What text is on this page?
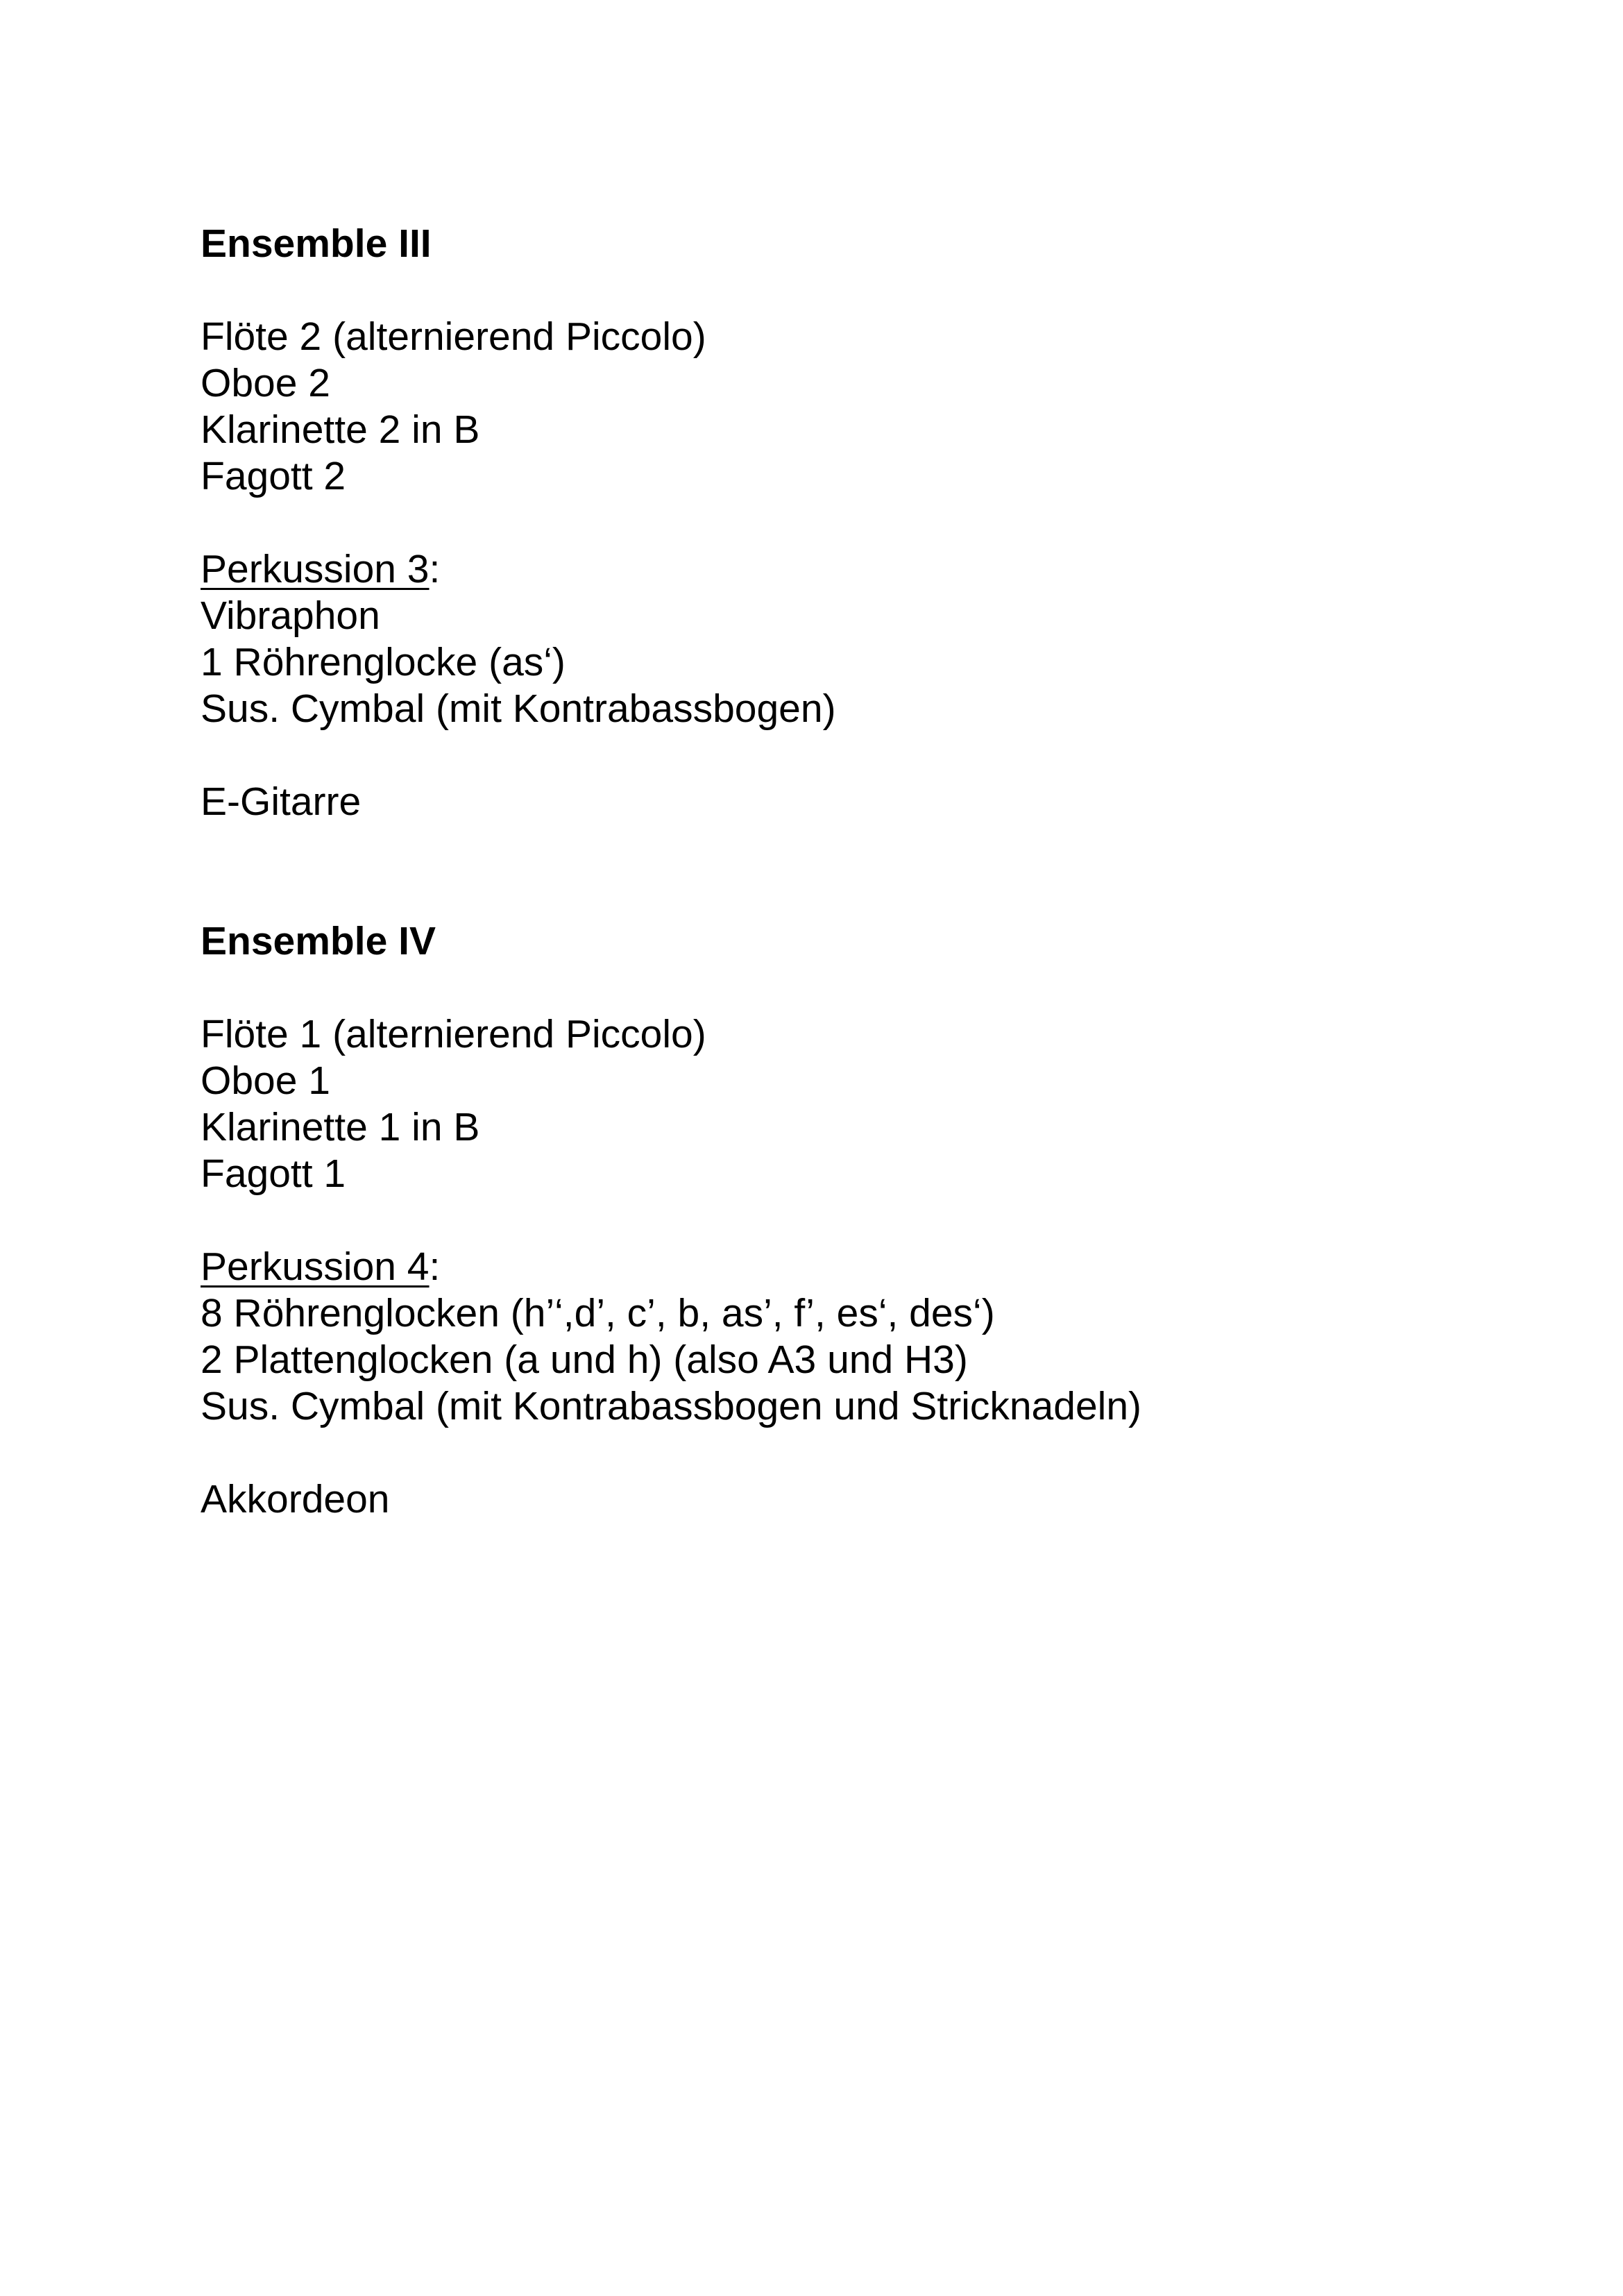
Ensemble III
Flöte 2 (alternierend Piccolo)
Oboe 2
Klarinette 2 in B
Fagott 2
Perkussion 3:
Vibraphon
1 Röhrenglocke (as‘)
Sus. Cymbal (mit Kontrabassbogen)
E-Gitarre
Ensemble IV
Flöte 1 (alternierend Piccolo)
Oboe 1
Klarinette 1 in B
Fagott 1
Perkussion 4:
8 Röhrenglocken (h’‘,d’, c’, b, as’, f’, es‘, des‘)
2 Plattenglocken (a und h) (also A3 und H3)
Sus. Cymbal (mit Kontrabassbogen und Stricknadeln)
Akkordeon
